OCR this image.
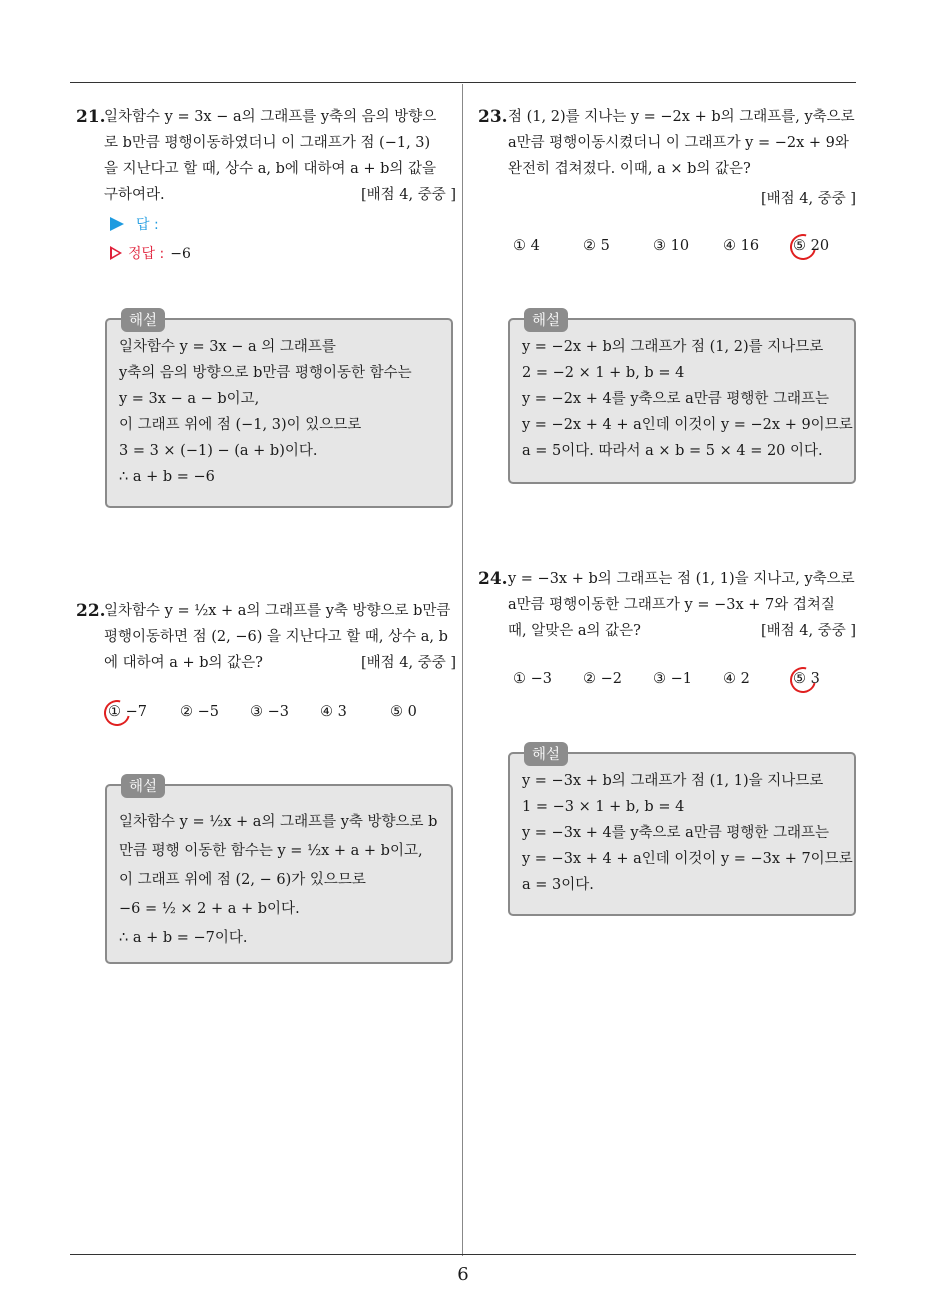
6
21.
일차함수 y = 3x − a의 그래프를 y축의 음의 방향으
로 b만큼 평행이동하였더니 이 그래프가 점 (−1, 3)
을 지난다고 할 때, 상수 a, b에 대하여 a + b의 값을
구하여라.	[배점 4, 중중 ]
답 :
정답 : −6
해설
일차함수 y = 3x − a 의 그래프를
y축의 음의 방향으로 b만큼 평행이동한 함수는
y = 3x − a − b이고,
이 그래프 위에 점 (−1, 3)이 있으므로
3 = 3 × (−1) − (a + b)이다.
∴ a + b = −6
22.
일차함수 y = ½x + a의 그래프를 y축 방향으로 b만큼
평행이동하면 점 (2, −6) 을 지난다고 할 때, 상수 a, b
에 대하여 a + b의 값은?	[배점 4, 중중 ]
① −7 ② −5 ③ −3 ④ 3	⑤ 0
해설
일차함수 y = ½x + a의 그래프를 y축 방향으로 b
만큼 평행 이동한 함수는 y = ½x + a + b이고,
이 그래프 위에 점 (2, − 6)가 있으므로
−6 = ½ × 2 + a + b이다.
∴ a + b = −7이다.
23. 점 (1, 2)를 지나는 y = −2x + b의 그래프를, y축으로
a만큼 평행이동시켰더니 이 그래프가 y = −2x + 9와
완전히 겹쳐졌다. 이때, a × b의 값은?
[배점 4, 중중 ]
① 4	② 5	③ 10 ④ 16 ⑤ 20
해설
y = −2x + b의 그래프가 점 (1, 2)를 지나므로
2 = −2 × 1 + b, b = 4
y = −2x + 4를 y축으로 a만큼 평행한 그래프는
y = −2x + 4 + a인데 이것이 y = −2x + 9이므로
a = 5이다. 따라서 a × b = 5 × 4 = 20 이다.
24. y = −3x + b의 그래프는 점 (1, 1)을 지나고, y축으로
a만큼 평행이동한 그래프가 y = −3x + 7와 겹쳐질
때, 알맞은 a의 값은?	[배점 4, 중중 ]
① −3 ② −2 ③ −1 ④ 2	⑤ 3
해설
y = −3x + b의 그래프가 점 (1, 1)을 지나므로
1 = −3 × 1 + b, b = 4
y = −3x + 4를 y축으로 a만큼 평행한 그래프는
y = −3x + 4 + a인데 이것이 y = −3x + 7이므로
a = 3이다.
